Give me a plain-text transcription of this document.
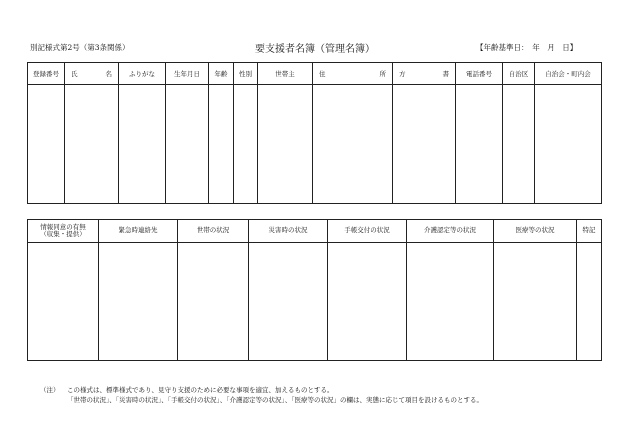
別記様式第2号（第3条関係）	要支援者名簿（管理名簿）	【年齢基準日：　年　月　日】
登録番号	氏 名	ふりがな	生年月日	年齢	性別	世帯主	住 所	方 書	電話番号	自治区	自治会・町内会

情報同意の有無
（収集・提供）	緊急時連絡先	世帯の状況	災害時の状況	手帳交付の状況	介護認定等の状況	医療等の状況	特記

（注） この様式は、標準様式であり、見守り支援のために必要な事項を適宜、加えるものとする。
「世帯の状況」、「災害時の状況」、「手帳交付の状況」、「介護認定等の状況」、「医療等の状況」の欄は、実態に応じて項目を設けるものとする。
